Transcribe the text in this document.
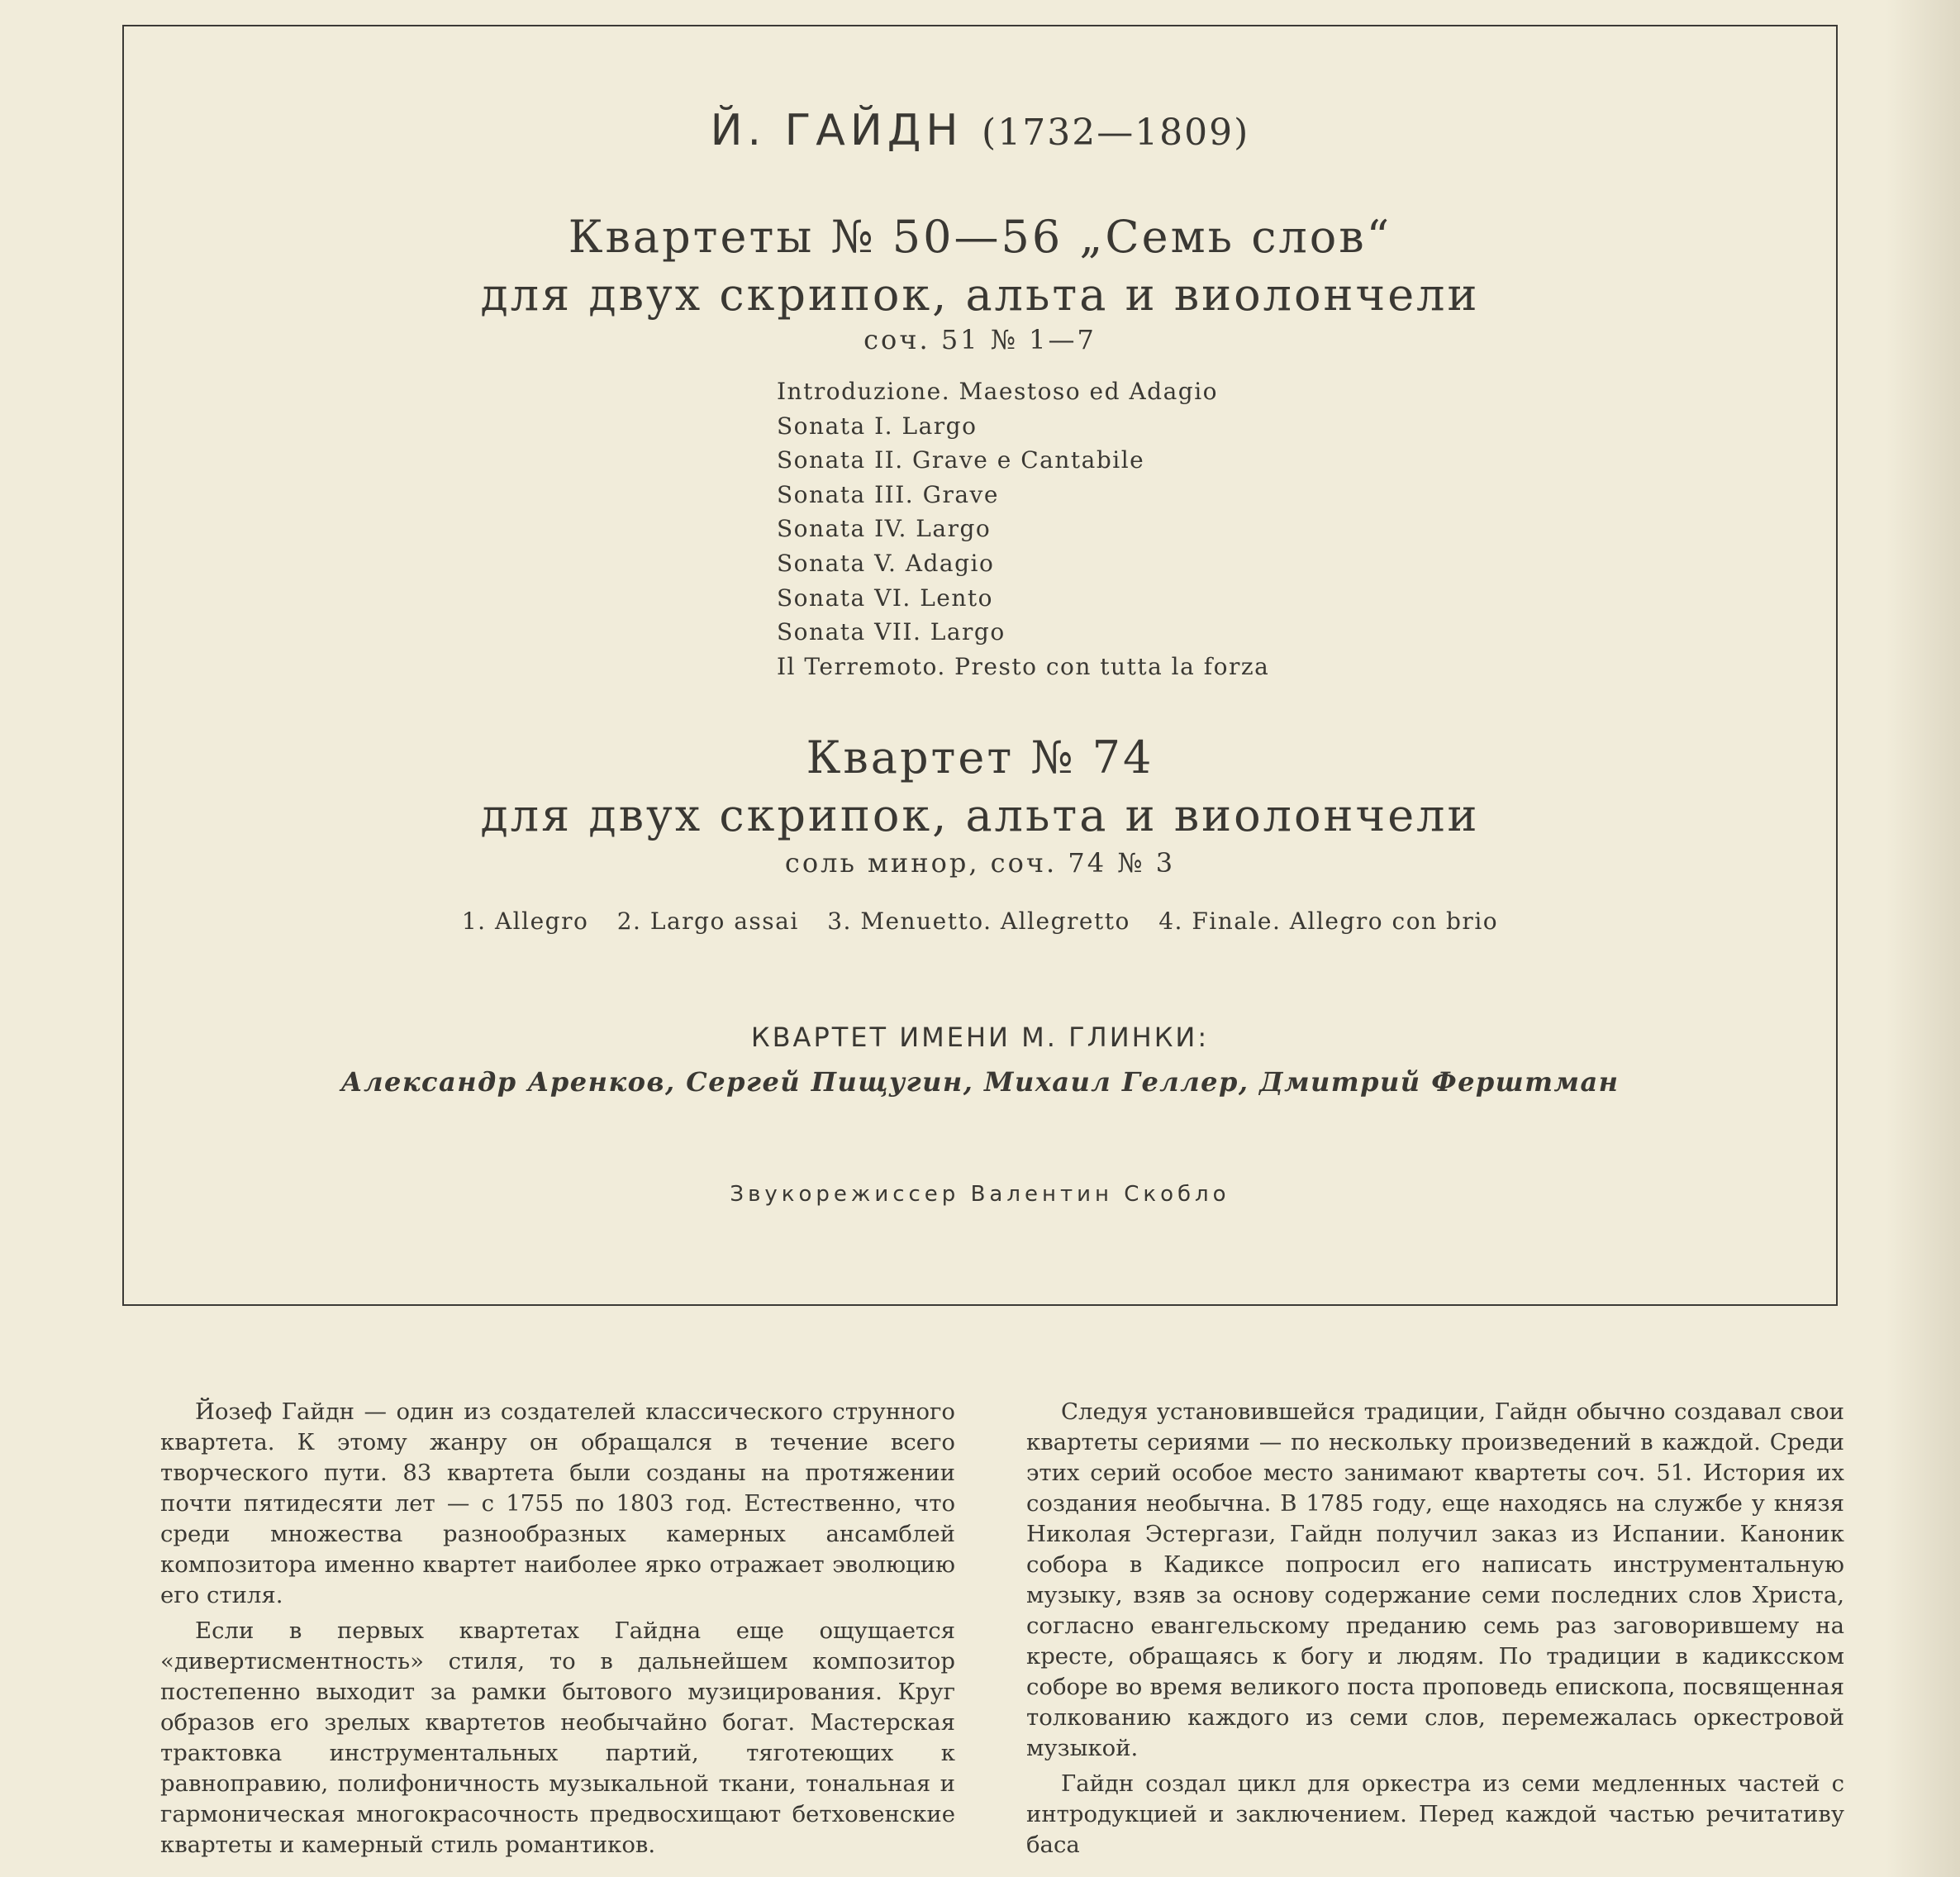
Й. ГАЙДН (1732—1809)
Квартеты № 50—56 „Семь слов“
для двух скрипок, альта и виолончели
соч. 51 № 1—7
Introduzione. Maestoso ed Adagio
Sonata I. Largo
Sonata II. Grave e Cantabile
Sonata III. Grave
Sonata IV. Largo
Sonata V. Adagio
Sonata VI. Lento
Sonata VII. Largo
Il Terremoto. Presto con tutta la forza
Квартет № 74
для двух скрипок, альта и виолончели
соль минор, соч. 74 № 3
1. Allegro 2. Largo assai 3. Menuetto. Allegretto 4. Finale. Allegro con brio
КВАРТЕТ ИМЕНИ М. ГЛИНКИ:
Александр Аренков, Сергей Пищугин, Михаил Геллер, Дмитрий Ферштман
Звукорежиссер Валентин Скобло

Йозеф Гайдн — один из создателей классического струнного квартета. К этому жанру он обращался в течение всего творческого пути. 83 квартета были созданы на протяжении почти пятидесяти лет — с 1755 по 1803 год. Естественно, что среди множества разнообразных камерных ансамблей композитора именно квартет наиболее ярко отражает эволюцию его стиля.

Если в первых квартетах Гайдна еще ощущается «дивертисментность» стиля, то в дальнейшем композитор постепенно выходит за рамки бытового музицирования. Круг образов его зрелых квартетов необычайно богат. Мастерская трактовка инструментальных партий, тяготеющих к равноправию, полифоничность музыкальной ткани, тональная и гармоническая многокрасочность предвосхищают бетховенские квартеты и камерный стиль романтиков.

Следуя установившейся традиции, Гайдн обычно создавал свои квартеты сериями — по нескольку произведений в каждой. Среди этих серий особое место занимают квартеты соч. 51. История их создания необычна. В 1785 году, еще находясь на службе у князя Николая Эстергази, Гайдн получил заказ из Испании. Каноник собора в Кадиксе попросил его написать инструментальную музыку, взяв за основу содержание семи последних слов Христа, согласно евангельскому преданию семь раз заговорившему на кресте, обращаясь к богу и людям. По традиции в кадиксском соборе во время великого поста проповедь епископа, посвященная толкованию каждого из семи слов, перемежалась оркестровой музыкой.

Гайдн создал цикл для оркестра из семи медленных частей с интродукцией и заключением. Перед каждой частью речитативу баса
